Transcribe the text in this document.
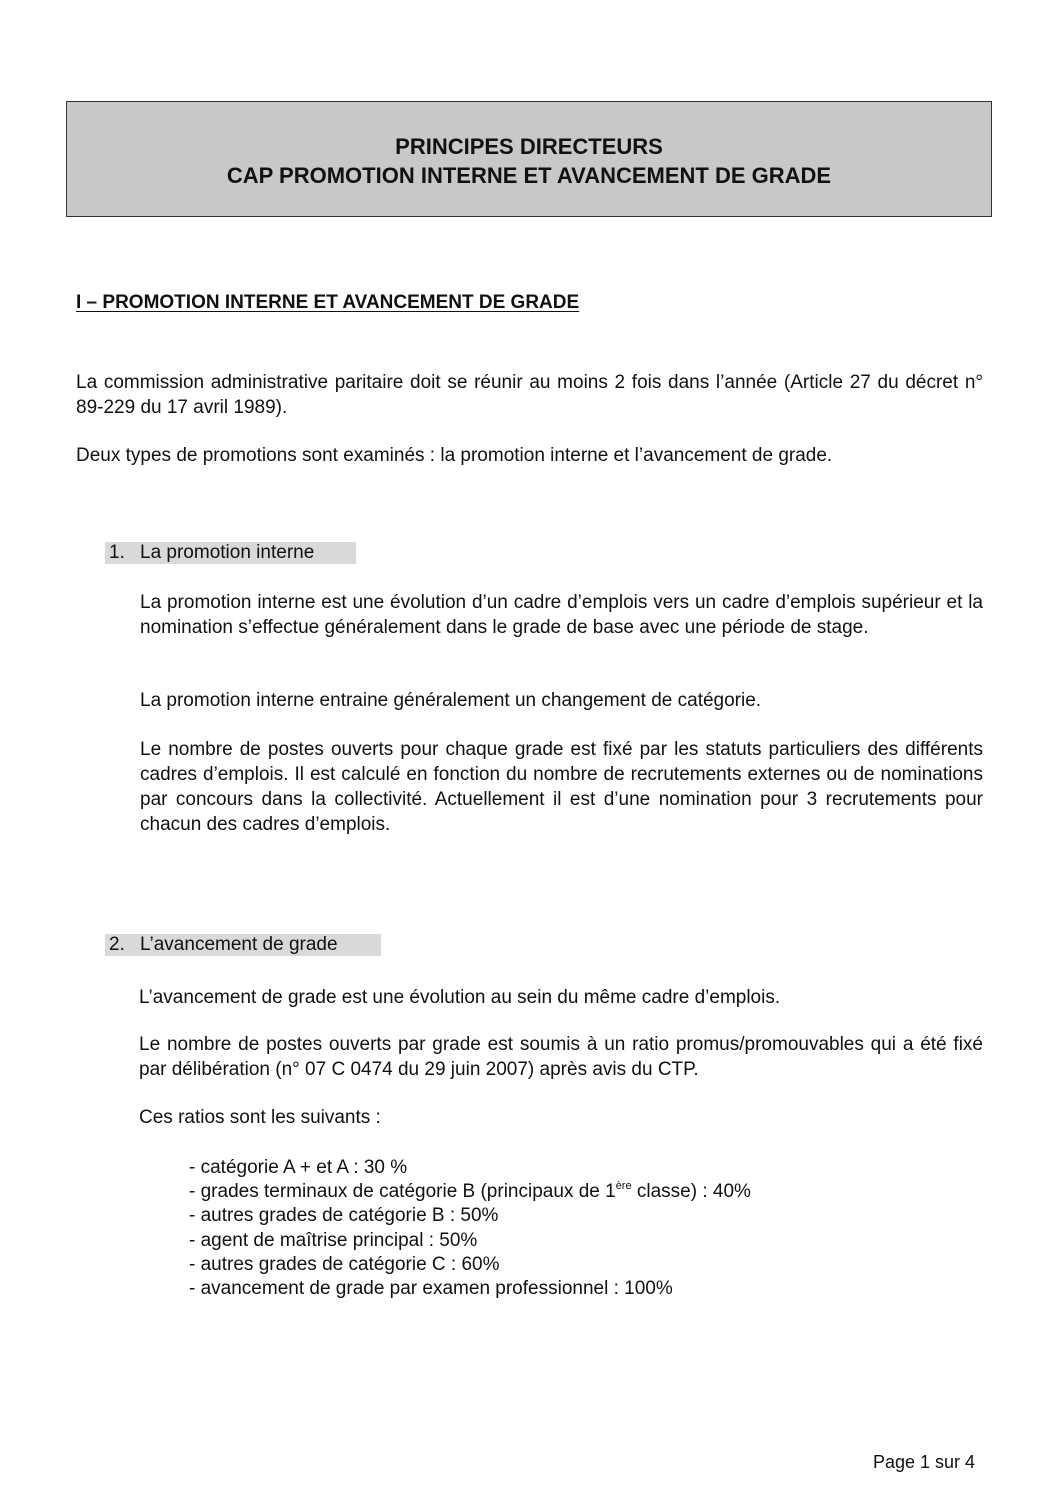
PRINCIPES DIRECTEURS
CAP PROMOTION INTERNE ET AVANCEMENT DE GRADE
I – PROMOTION INTERNE ET AVANCEMENT DE GRADE
La commission administrative paritaire doit se réunir au moins 2 fois dans l’année (Article 27 du décret n° 89-229 du 17 avril 1989).
Deux types de promotions sont examinés : la promotion interne et l’avancement de grade.
1. La promotion interne
La promotion interne est une évolution d’un cadre d’emplois vers un cadre d’emplois supérieur et la nomination s’effectue généralement dans le grade de base avec une période de stage.
La promotion interne entraine généralement un changement de catégorie.
Le nombre de postes ouverts pour chaque grade est fixé par les statuts particuliers des différents cadres d’emplois. Il est calculé en fonction du nombre de recrutements externes ou de nominations par concours dans la collectivité. Actuellement il est d’une nomination pour 3 recrutements pour chacun des cadres d’emplois.
2. L’avancement de grade
L’avancement de grade est une évolution au sein du même cadre d’emplois.
Le nombre de postes ouverts par grade est soumis à un ratio promus/promouvables qui a été fixé par délibération (n° 07 C 0474 du 29 juin 2007) après avis du CTP.
Ces ratios sont les suivants :
- catégorie A + et A : 30 %
- grades terminaux de catégorie B (principaux de 1ère classe) : 40%
- autres grades de catégorie B : 50%
- agent de maîtrise principal : 50%
- autres grades de catégorie C : 60%
- avancement de grade par examen professionnel : 100%
Page 1 sur 4
